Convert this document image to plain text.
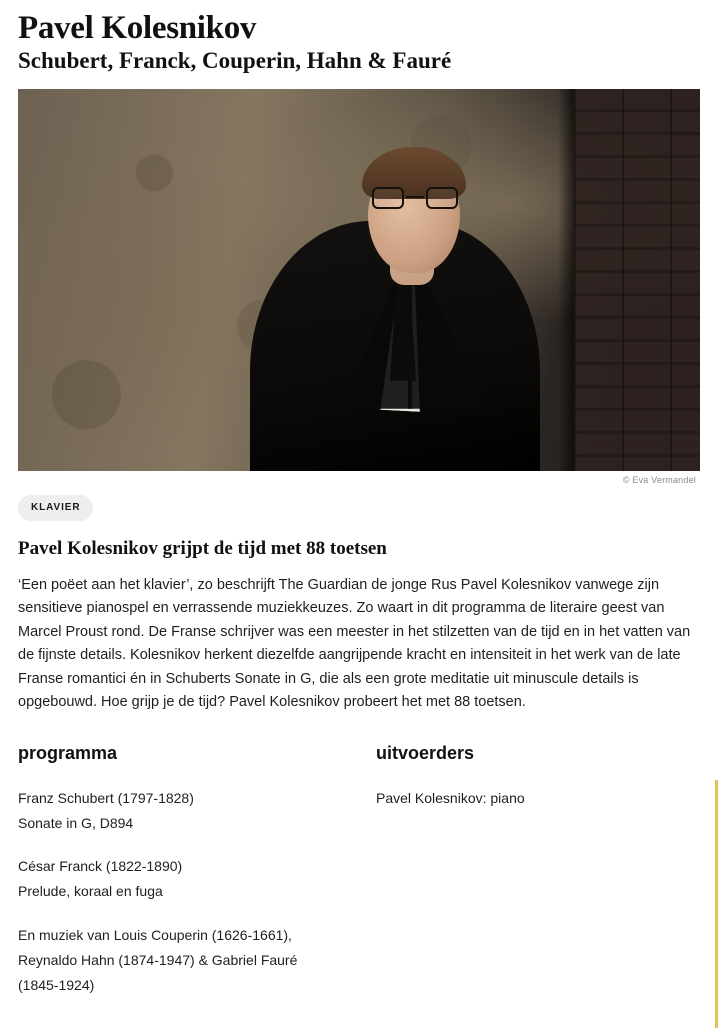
Pavel Kolesnikov
Schubert, Franck, Couperin, Hahn & Fauré
© Eva Vermandel
KLAVIER
Pavel Kolesnikov grijpt de tijd met 88 toetsen

‘Een poëet aan het klavier’, zo beschrijft The Guardian de jonge Rus Pavel Kolesnikov vanwege zijn sensitieve pianospel en verrassende muziekkeuzes. Zo waart in dit programma de literaire geest van Marcel Proust rond. De Franse schrijver was een meester in het stilzetten van de tijd en in het vatten van de fijnste details. Kolesnikov herkent diezelfde aangrijpende kracht en intensiteit in het werk van de late Franse romantici én in Schuberts Sonate in G, die als een grote meditatie uit minuscule details is opgebouwd. Hoe grijp je de tijd? Pavel Kolesnikov probeert het met 88 toetsen.

programma
Franz Schubert (1797-1828)
Sonate in G, D894
César Franck (1822-1890)
Prelude, koraal en fuga
En muziek van Louis Couperin (1626-1661),
Reynaldo Hahn (1874-1947) & Gabriel Fauré
(1845-1924)
uitvoerders
Pavel Kolesnikov: piano
